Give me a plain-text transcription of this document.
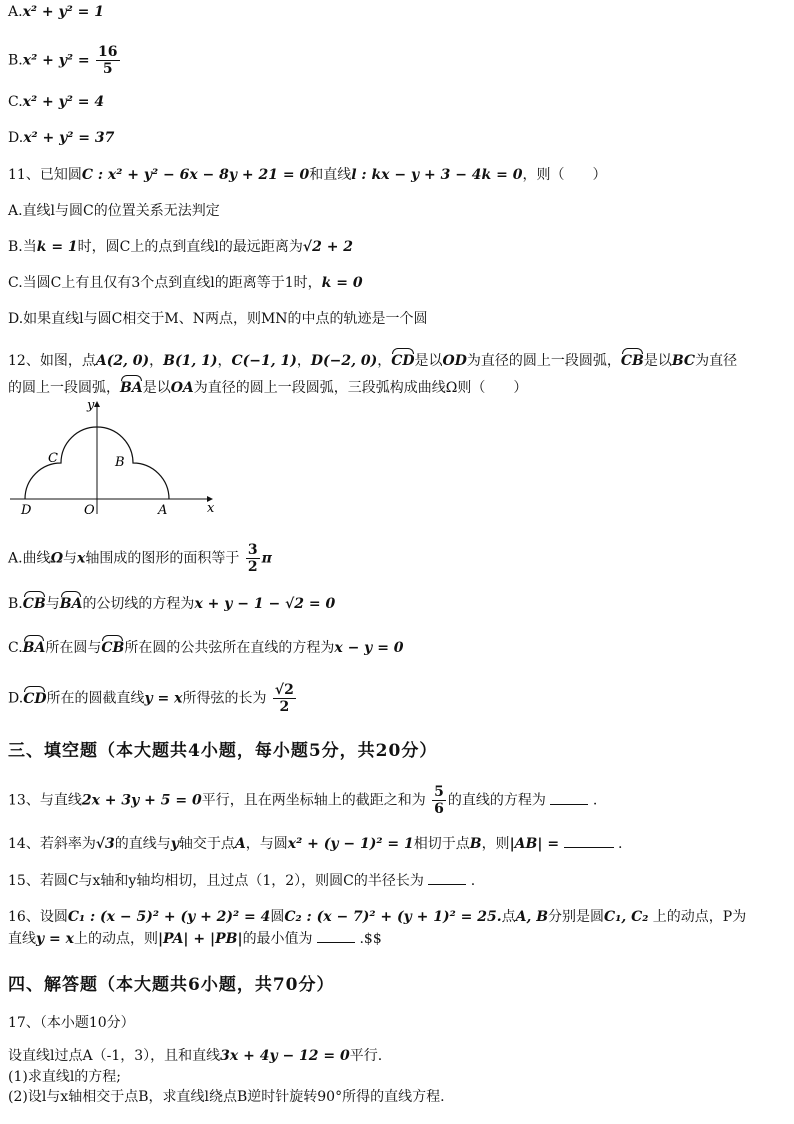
A.x² + y² = 1
$B.x^2 + y^2 = \frac{16}{5}$
C.x² + y² = 4
D.x² + y² = 37
11、已知圆C : x² + y² − 6x − 8y + 21 = 0和直线l : kx − y + 3 − 4k = 0，则（　　）
A.直线l与圆C的位置关系无法判定
B.当k = 1时，圆C上的点到直线l的最远距离为√2 + 2
C.当圆C上有且仅有3个点到直线l的距离等于1时，k = 0
D.如果直线l与圆C相交于M、N两点，则MN的中点的轨迹是一个圆
12、如图，点A(2, 0)，B(1, 1)，C(−1, 1)，D(−2, 0)，CD是以OD为直径的圆上一段圆弧，CB是以BC为直径
的圆上一段圆弧，BA是以OA为直径的圆上一段圆弧，三段弧构成曲线Ω则（　　）
y
x
C	B
D	O	A
A.曲线Ω与x轴围成的图形的面积等于 $\frac{3}{2}$ π
B.CB与BA的公切线的方程为x + y − 1 − √2 = 0
C.BA所在圆与CB所在圆的公共弦所在直线的方程为x − y = 0
D.CD所在的圆截直线y = x所得弦的长为 $\frac{√2}{2}$
三、填空题（本大题共4小题，每小题5分，共20分）
13、与直线2x + 3y + 5 = 0平行，且在两坐标轴上的截距之和为 $\frac{5}{6}$ 的直线的方程为	.
14、若斜率为√3的直线与y轴交于点A，与圆x² + (y − 1)² = 1相切于点B，则|AB| =	.
15、若圆C与x轴和y轴均相切，且过点（1，2），则圆C的半径长为	.
16、设圆C₁ : (x − 5)² + (y + 2)² = 4圆C₂ : (x − 7)² + (y + 1)² = 25.点A, B分别是圆C₁, C₂ 上的动点，P为
直线y = x上的动点，则|PA| + |PB|的最小值为	.$$
四、解答题（本大题共6小题，共70分）
17、（本小题10分）
设直线l过点A（-1，3），且和直线3x + 4y − 12 = 0平行.
(1)求直线l的方程;
(2)设l与x轴相交于点B，求直线l绕点B逆时针旋转90°所得的直线方程.
